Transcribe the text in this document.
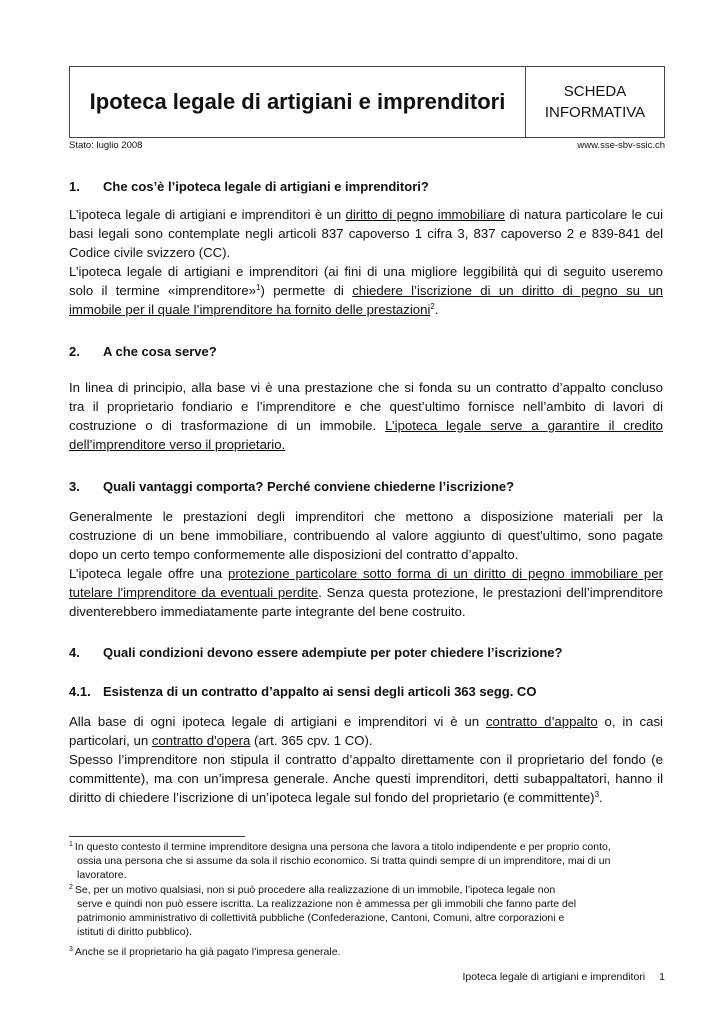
Ipoteca legale di artigiani e imprenditori	SCHEDA
INFORMATIVA
Stato: luglio 2008	www.sse-sbv-ssic.ch
1. Che cos’è l’ipoteca legale di artigiani e imprenditori?
L’ipoteca legale di artigiani e imprenditori è un diritto di pegno immobiliare di natura particolare le cui
basi legali sono contemplate negli articoli 837 capoverso 1 cifra 3, 837 capoverso 2 e 839-841 del
Codice civile svizzero (CC).
L’ipoteca legale di artigiani e imprenditori (ai fini di una migliore leggibilità qui di seguito useremo
solo il termine «imprenditore»$^1$) permette di chiedere l’iscrizione di un diritto di pegno su un
immobile per il quale l’imprenditore ha fornito delle prestazioni$^2$.
2. A che cosa serve?
In linea di principio, alla base vi è una prestazione che si fonda su un contratto d’appalto concluso
tra il proprietario fondiario e l’imprenditore e che quest’ultimo fornisce nell’ambito di lavori di
costruzione o di trasformazione di un immobile. L’ipoteca legale serve a garantire il credito
dell’imprenditore verso il proprietario.
3. Quali vantaggi comporta? Perché conviene chiederne l’iscrizione?
Generalmente le prestazioni degli imprenditori che mettono a disposizione materiali per la
costruzione di un bene immobiliare, contribuendo al valore aggiunto di quest'ultimo, sono pagate
dopo un certo tempo conformemente alle disposizioni del contratto d’appalto.
L’ipoteca legale offre una protezione particolare sotto forma di un diritto di pegno immobiliare per
tutelare l'imprenditore da eventuali perdite. Senza questa protezione, le prestazioni dell’imprenditore
diventerebbero immediatamente parte integrante del bene costruito.
4. Quali condizioni devono essere adempiute per poter chiedere l’iscrizione?
4.1. Esistenza di un contratto d’appalto ai sensi degli articoli 363 segg. CO
Alla base di ogni ipoteca legale di artigiani e imprenditori vi è un contratto d’appalto o, in casi
particolari, un contratto d'opera (art. 365 cpv. 1 CO).
Spesso l’imprenditore non stipula il contratto d’appalto direttamente con il proprietario del fondo (e
committente), ma con un’impresa generale. Anche questi imprenditori, detti subappaltatori, hanno il
diritto di chiedere l’iscrizione di un’ipoteca legale sul fondo del proprietario (e committente)$^3$.
$^1$ In questo contesto il termine imprenditore designa una persona che lavora a titolo indipendente e per proprio conto,
ossia una persona che si assume da sola il rischio economico. Si tratta quindi sempre di un imprenditore, mai di un
lavoratore.
$^2$ Se, per un motivo qualsiasi, non si può procedere alla realizzazione di un immobile, l’ipoteca legale non
serve e quindi non può essere iscritta. La realizzazione non è ammessa per gli immobili che fanno parte del
patrimonio amministrativo di collettività pubbliche (Confederazione, Cantoni, Comuni, altre corporazioni e
istituti di diritto pubblico).
$^3$ Anche se il proprietario ha già pagato l’impresa generale.
Ipoteca legale di artigiani e imprenditori 1
